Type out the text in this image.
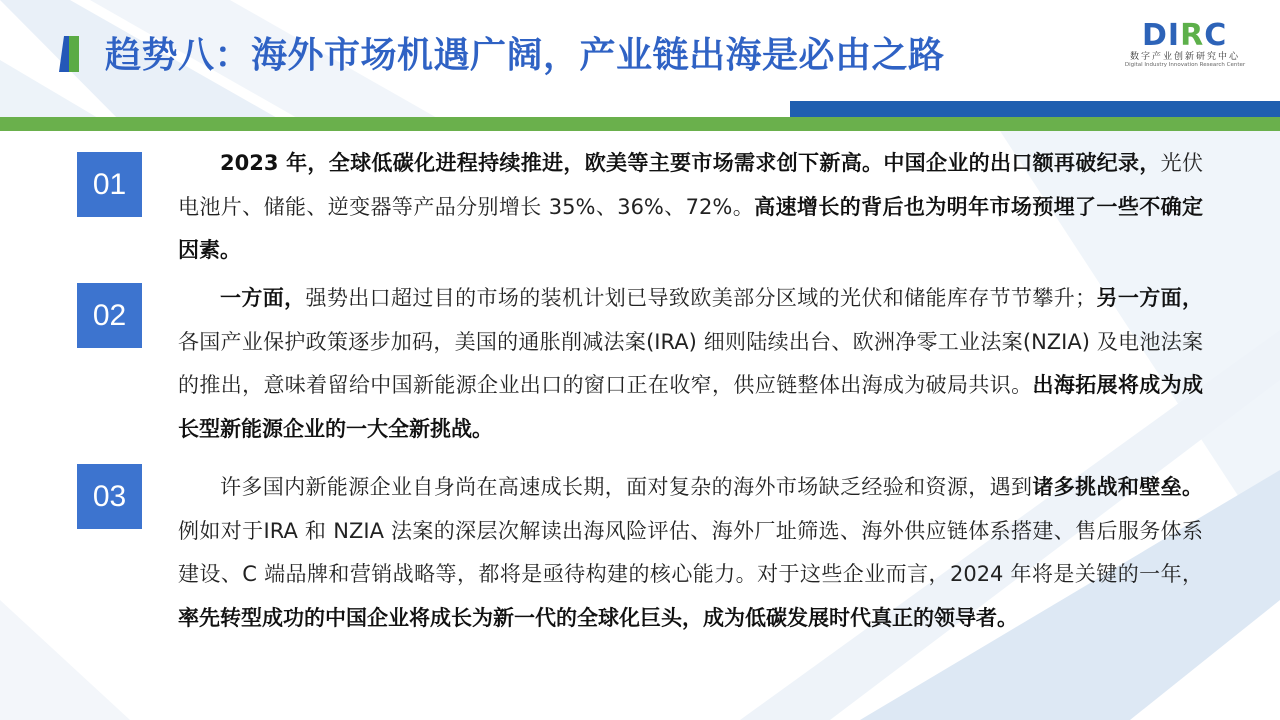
趋势八：海外市场机遇广阔，产业链出海是必由之路	DIRC
数字产业创新研究中心
Digital Industry Innovation Research Center
01

2023 年，全球低碳化进程持续推进，欧美等主要市场需求创下新高。中国企业的出口额再破纪录，光伏电池片、储能、逆变器等产品分别增长 35%、36%、72%。高速增长的背后也为明年市场预埋了一些不确定因素。

02

一方面，强势出口超过目的市场的装机计划已导致欧美部分区域的光伏和储能库存节节攀升；另一方面，各国产业保护政策逐步加码，美国的通胀削减法案(IRA) 细则陆续出台、欧洲净零工业法案(NZIA) 及电池法案的推出，意味着留给中国新能源企业出口的窗口正在收窄，供应链整体出海成为破局共识。出海拓展将成为成长型新能源企业的一大全新挑战。

03	许多国内新能源企业自身尚在高速成长期，面对复杂的海外市场缺乏经验和资源，遇到诸多挑战和壁垒。例如对于IRA 和 NZIA 法案的深层次解读出海风险评估、海外厂址筛选、海外供应链体系搭建、售后服务体系建设、C 端品牌和营销战略等，都将是亟待构建的核心能力。对于这些企业而言，2024 年将是关键的一年，率先转型成功的中国企业将成长为新一代的全球化巨头，成为低碳发展时代真正的领导者。
